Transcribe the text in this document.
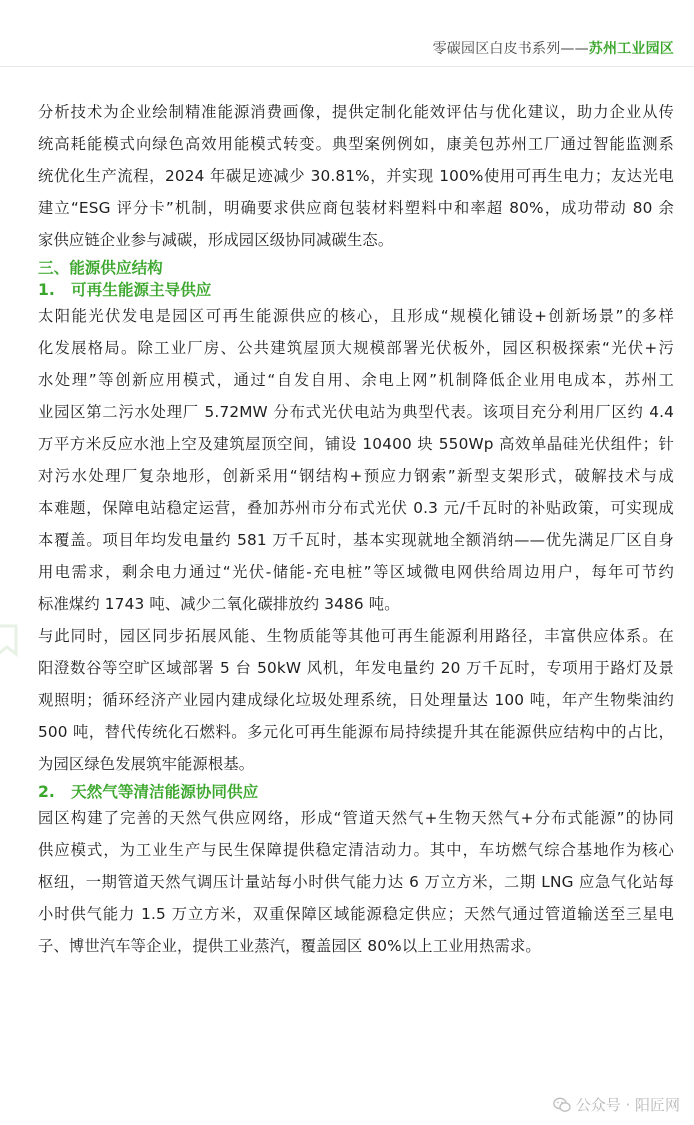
零碳园区白皮书系列——苏州工业园区

分析技术为企业绘制精准能源消费画像，提供定制化能效评估与优化建议，助力企业从传
统高耗能模式向绿色高效用能模式转变。典型案例例如，康美包苏州工厂通过智能监测系
统优化生产流程，2024 年碳足迹减少 30.81%，并实现 100%使用可再生电力；友达光电
建立“ESG 评分卡”机制，明确要求供应商包装材料塑料中和率超 80%，成功带动 80 余
家供应链企业参与减碳，形成园区级协同减碳生态。

三、能源供应结构
1.   可再生能源主导供应

太阳能光伏发电是园区可再生能源供应的核心，且形成“规模化铺设+创新场景”的多样
化发展格局。除工业厂房、公共建筑屋顶大规模部署光伏板外，园区积极探索“光伏+污
水处理”等创新应用模式，通过“自发自用、余电上网”机制降低企业用电成本，苏州工
业园区第二污水处理厂 5.72MW 分布式光伏电站为典型代表。该项目充分利用厂区约 4.4
万平方米反应水池上空及建筑屋顶空间，铺设 10400 块 550Wp 高效单晶硅光伏组件；针
对污水处理厂复杂地形，创新采用“钢结构+预应力钢索”新型支架形式，破解技术与成
本难题，保障电站稳定运营，叠加苏州市分布式光伏 0.3 元/千瓦时的补贴政策，可实现成
本覆盖。项目年均发电量约 581 万千瓦时，基本实现就地全额消纳——优先满足厂区自身
用电需求，剩余电力通过“光伏-储能-充电桩”等区域微电网供给周边用户，每年可节约
标准煤约 1743 吨、减少二氧化碳排放约 3486 吨。

与此同时，园区同步拓展风能、生物质能等其他可再生能源利用路径，丰富供应体系。在
阳澄数谷等空旷区域部署 5 台 50kW 风机，年发电量约 20 万千瓦时，专项用于路灯及景
观照明；循环经济产业园内建成绿化垃圾处理系统，日处理量达 100 吨，年产生物柴油约
500 吨，替代传统化石燃料。多元化可再生能源布局持续提升其在能源供应结构中的占比，
为园区绿色发展筑牢能源根基。

2.   天然气等清洁能源协同供应

园区构建了完善的天然气供应网络，形成“管道天然气+生物天然气+分布式能源”的协同
供应模式，为工业生产与民生保障提供稳定清洁动力。其中，车坊燃气综合基地作为核心
枢纽，一期管道天然气调压计量站每小时供气能力达 6 万立方米，二期 LNG 应急气化站每
小时供气能力 1.5 万立方米，双重保障区域能源稳定供应；天然气通过管道输送至三星电
子、博世汽车等企业，提供工业蒸汽，覆盖园区 80%以上工业用热需求。

公众号 · 阳匠网
